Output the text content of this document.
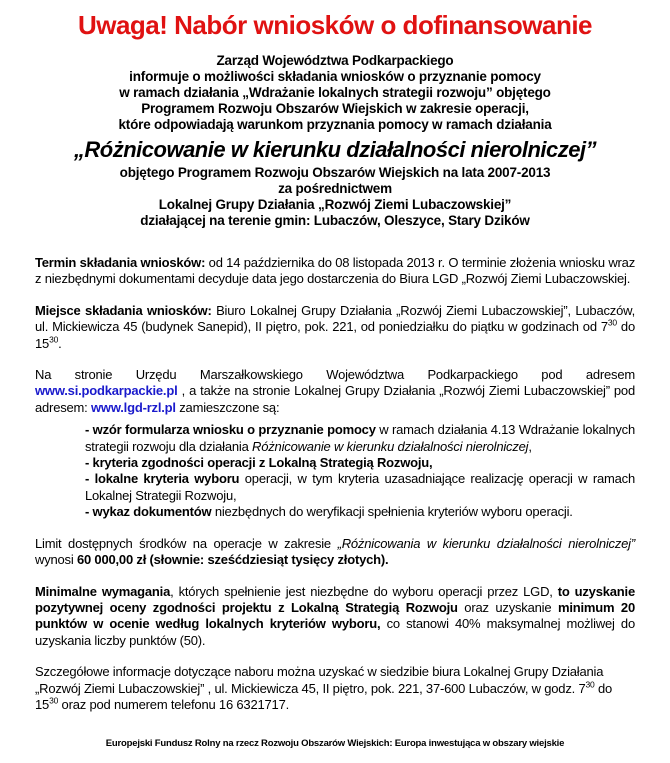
Uwaga! Nabór wniosków o dofinansowanie
Zarząd Województwa Podkarpackiego
informuje o możliwości składania wniosków o przyznanie pomocy
w ramach działania „Wdrażanie lokalnych strategii rozwoju” objętego
Programem Rozwoju Obszarów Wiejskich w zakresie operacji,
które odpowiadają warunkom przyznania pomocy w ramach działania
„Różnicowanie w kierunku działalności nierolniczej”
objętego Programem Rozwoju Obszarów Wiejskich na lata 2007-2013
za pośrednictwem
Lokalnej Grupy Działania „Rozwój Ziemi Lubaczowskiej”
działającej na terenie gmin: Lubaczów, Oleszyce, Stary Dzików
Termin składania wniosków: od 14 października do 08 listopada 2013 r. O terminie złożenia wniosku wraz z niezbędnymi dokumentami decyduje data jego dostarczenia do Biura LGD „Rozwój Ziemi Lubaczowskiej.
Miejsce składania wniosków: Biuro Lokalnej Grupy Działania „Rozwój Ziemi Lubaczowskiej”, Lubaczów, ul. Mickiewicza 45 (budynek Sanepid), II piętro, pok. 221, od poniedziałku do piątku w godzinach od $7^{30}$ do $15^{30}$.
Na stronie Urzędu Marszałkowskiego Województwa Podkarpackiego pod adresem www.si.podkarpackie.pl , a także na stronie Lokalnej Grupy Działania „Rozwój Ziemi Lubaczowskiej” pod adresem: www.lgd-rzl.pl zamieszczone są:
- wzór formularza wniosku o przyznanie pomocy w ramach działania 4.13 Wdrażanie lokalnych strategii rozwoju dla działania Różnicowanie w kierunku działalności nierolniczej,
- kryteria zgodności operacji z Lokalną Strategią Rozwoju,
- lokalne kryteria wyboru operacji, w tym kryteria uzasadniające realizację operacji w ramach Lokalnej Strategii Rozwoju,
- wykaz dokumentów niezbędnych do weryfikacji spełnienia kryteriów wyboru operacji.
Limit dostępnych środków na operacje w zakresie „Różnicowania w kierunku działalności nierolniczej” wynosi 60 000,00 zł (słownie: sześćdziesiąt tysięcy złotych).
Minimalne wymagania, których spełnienie jest niezbędne do wyboru operacji przez LGD, to uzyskanie pozytywnej oceny zgodności projektu z Lokalną Strategią Rozwoju oraz uzyskanie minimum 20 punktów w ocenie według lokalnych kryteriów wyboru, co stanowi 40% maksymalnej możliwej do uzyskania liczby punktów (50).
Szczegółowe informacje dotyczące naboru można uzyskać w siedzibie biura Lokalnej Grupy Działania „Rozwój Ziemi Lubaczowskiej” , ul. Mickiewicza 45, II piętro, pok. 221, 37-600 Lubaczów, w godz. $7^{30}$ do $15^{30}$ oraz pod numerem telefonu 16 6321717.
Europejski Fundusz Rolny na rzecz Rozwoju Obszarów Wiejskich: Europa inwestująca w obszary wiejskie
